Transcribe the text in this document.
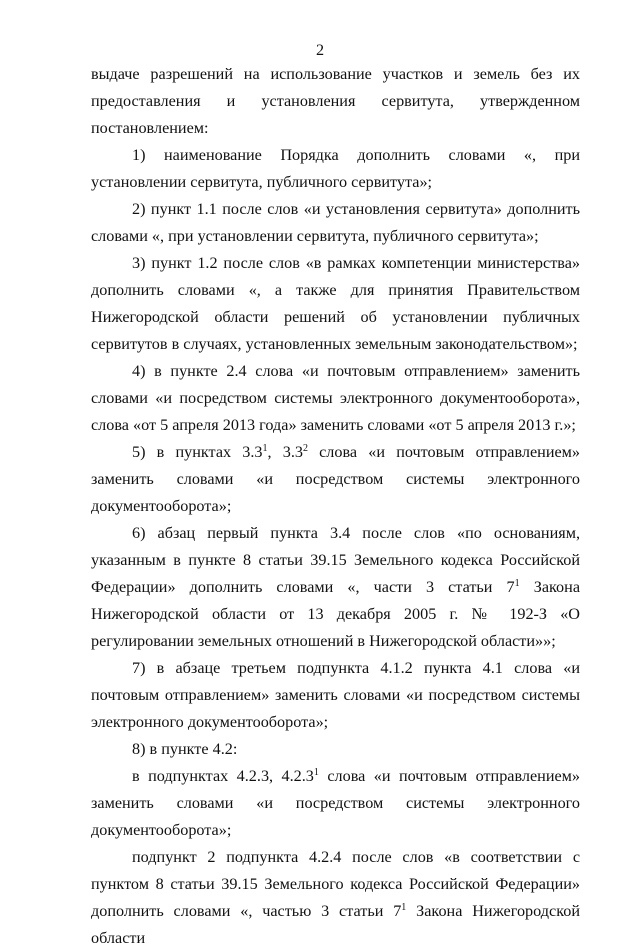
2

выдаче разрешений на использование участков и земель без их предоставления и установления сервитута, утвержденном постановлением:

1) наименование Порядка дополнить словами «, при установлении сервитута, публичного сервитута»;

2) пункт 1.1 после слов «и установления сервитута» дополнить словами «, при установлении сервитута, публичного сервитута»;

3) пункт 1.2 после слов «в рамках компетенции министерства» дополнить словами «, а также для принятия Правительством Нижегородской области решений об установлении публичных сервитутов в случаях, установленных земельным законодательством»;

4) в пункте 2.4 слова «и почтовым отправлением» заменить словами «и посредством системы электронного документооборота», слова «от 5 апреля 2013 года» заменить словами «от 5 апреля 2013 г.»;

5) в пунктах $3.3^1$, $3.3^2$ слова «и почтовым отправлением» заменить словами «и посредством системы электронного документооборота»;

6) абзац первый пункта 3.4 после слов «по основаниям, указанным в пункте 8 статьи 39.15 Земельного кодекса Российской Федерации» дополнить словами «, части 3 статьи $7^1$ Закона Нижегородской области от 13 декабря 2005 г. № 192-З «О регулировании земельных отношений в Нижегородской области»»;

7) в абзаце третьем подпункта 4.1.2 пункта 4.1 слова «и почтовым отправлением» заменить словами «и посредством системы электронного документооборота»;

8) в пункте 4.2:

в подпунктах 4.2.3, 4.2.3$^1$ слова «и почтовым отправлением» заменить словами «и посредством системы электронного документооборота»;

подпункт 2 подпункта 4.2.4 после слов «в соответствии с пунктом 8 статьи 39.15 Земельного кодекса Российской Федерации» дополнить словами «, частью 3 статьи $7^1$ Закона Нижегородской области
